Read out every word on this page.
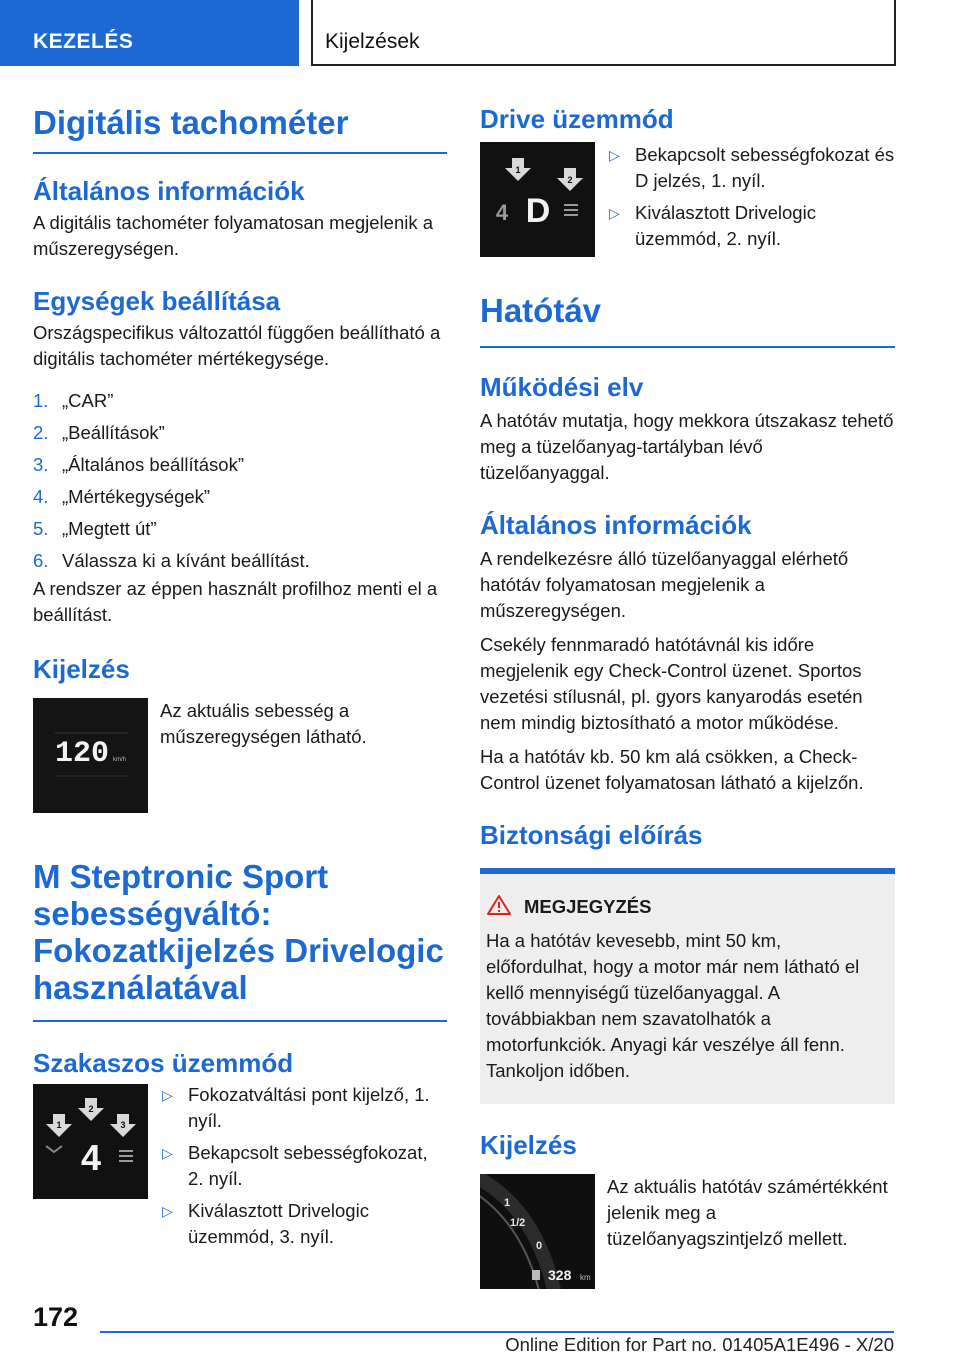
KEZELÉS	Kijelzések
Digitális tachométer
Általános információk
A digitális tachométer folyamatosan megjelenik a műszeregységen.
Egységek beállítása
Országspecifikus változattól függően beállítható a digitális tachométer mértékegysége.
1. „CAR”
2. „Beállítások”
3. „Általános beállítások”
4. „Mértékegységek”
5. „Megtett út”
6. Válassza ki a kívánt beállítást.
A rendszer az éppen használt profilhoz menti el a beállítást.
Kijelzés
120 km/h
Az aktuális sebesség a műszeregységen látható.
M Steptronic Sport sebességváltó: Fokozatkijelzés Drivelogic használatával
Szakaszos üzemmód
1
2
3
4
▷ Fokozatváltási pont kijelző, 1. nyíl.
▷ Bekapcsolt sebességfokozat, 2. nyíl.
▷ Kiválasztott Drivelogic üzemmód, 3. nyíl.
Drive üzemmód
1
2
4 D
▷ Bekapcsolt sebességfokozat és D jelzés, 1. nyíl.
▷ Kiválasztott Drivelogic üzemmód, 2. nyíl.
Hatótáv
Működési elv
A hatótáv mutatja, hogy mekkora útszakasz tehető meg a tüzelőanyag-tartályban lévő tüzelőanyaggal.
Általános információk
A rendelkezésre álló tüzelőanyaggal elérhető hatótáv folyamatosan megjelenik a műszeregységen.
Csekély fennmaradó hatótávnál kis időre megjelenik egy Check-Control üzenet. Sportos vezetési stílusnál, pl. gyors kanyarodás esetén nem mindig biztosítható a motor működése.
Ha a hatótáv kb. 50 km alá csökken, a Check-Control üzenet folyamatosan látható a kijelzőn.
Biztonsági előírás
MEGJEGYZÉS
Ha a hatótáv kevesebb, mint 50 km, előfordulhat, hogy a motor már nem látható el kellő mennyiségű tüzelőanyaggal. A továbbiakban nem szavatolhatók a motorfunkciók. Anyagi kár veszélye áll fenn. Tankoljon időben.
Kijelzés
1
1/2
0
328 km
Az aktuális hatótáv számértékként jelenik meg a tüzelőanyagszintjelző mellett.
172
Online Edition for Part no. 01405A1E496 - X/20
